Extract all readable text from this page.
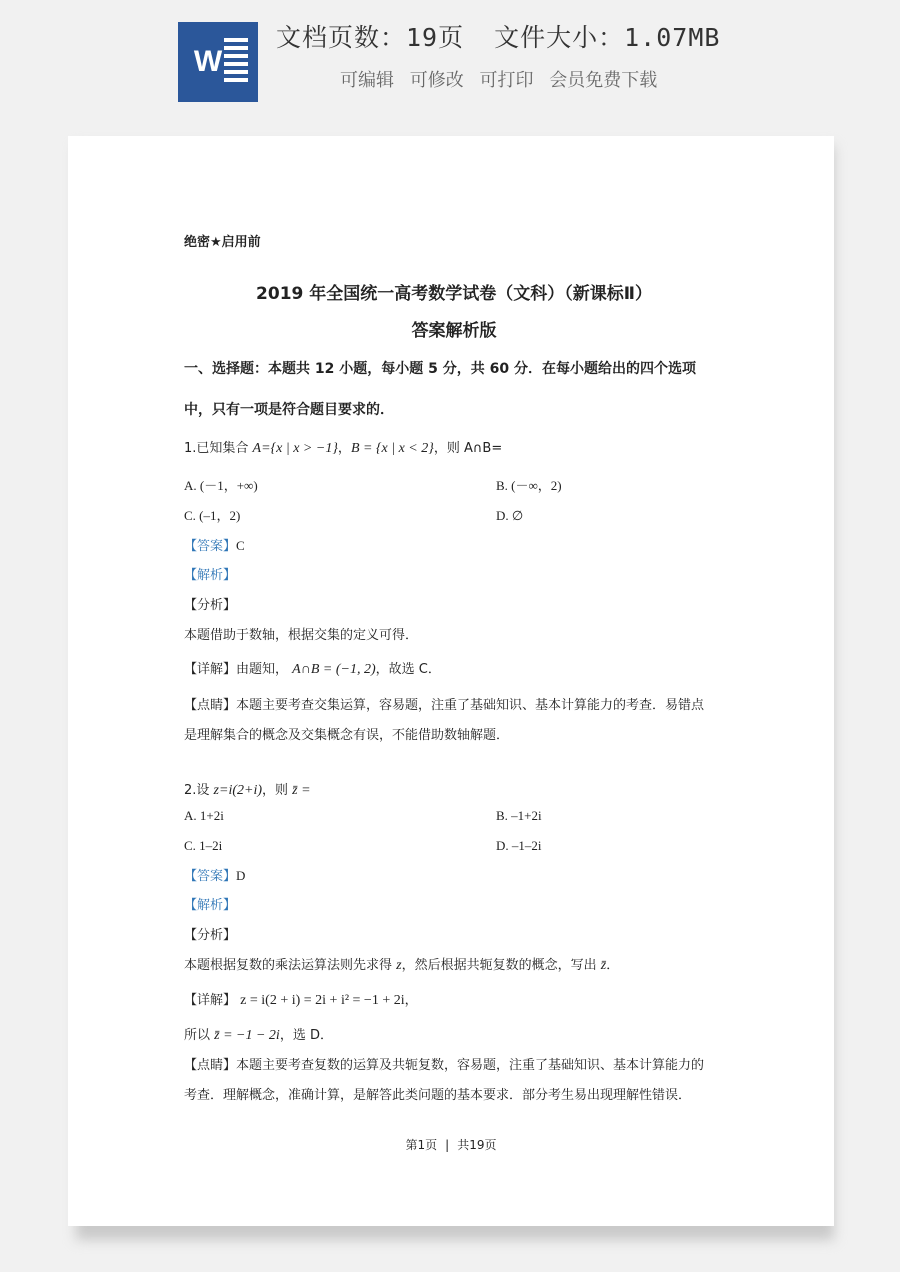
W
文档页数：19页 文件大小：1.07MB
可编辑 可修改 可打印 会员免费下载
绝密★启用前
2019 年全国统一高考数学试卷（文科）（新课标Ⅱ）
答案解析版
一、选择题：本题共 12 小题，每小题 5 分，共 60 分．在每小题给出的四个选项
中，只有一项是符合题目要求的．
1.已知集合 A={x | x > −1}，B = {x | x < 2}，则 A∩B=
A. (－1，+∞)	B. (－∞，2)
C. (–1，2)	D. ∅
【答案】C
【解析】
【分析】
本题借助于数轴，根据交集的定义可得．
【详解】由题知， A∩B = (−1, 2)，故选 C．
【点睛】本题主要考查交集运算，容易题，注重了基础知识、基本计算能力的考查．易错点
是理解集合的概念及交集概念有误，不能借助数轴解题．
2.设 z=i(2+i)，则 z̄ =
A. 1+2i	B. –1+2i
C. 1–2i	D. –1–2i
【答案】D
【解析】
【分析】
本题根据复数的乘法运算法则先求得 z，然后根据共轭复数的概念，写出 z̄．
【详解】 z = i(2 + i) = 2i + i² = −1 + 2i，
所以 z̄ = −1 − 2i，选 D．
【点睛】本题主要考查复数的运算及共轭复数，容易题，注重了基础知识、基本计算能力的
考查．理解概念，准确计算，是解答此类问题的基本要求．部分考生易出现理解性错误．
第1页 | 共19页
